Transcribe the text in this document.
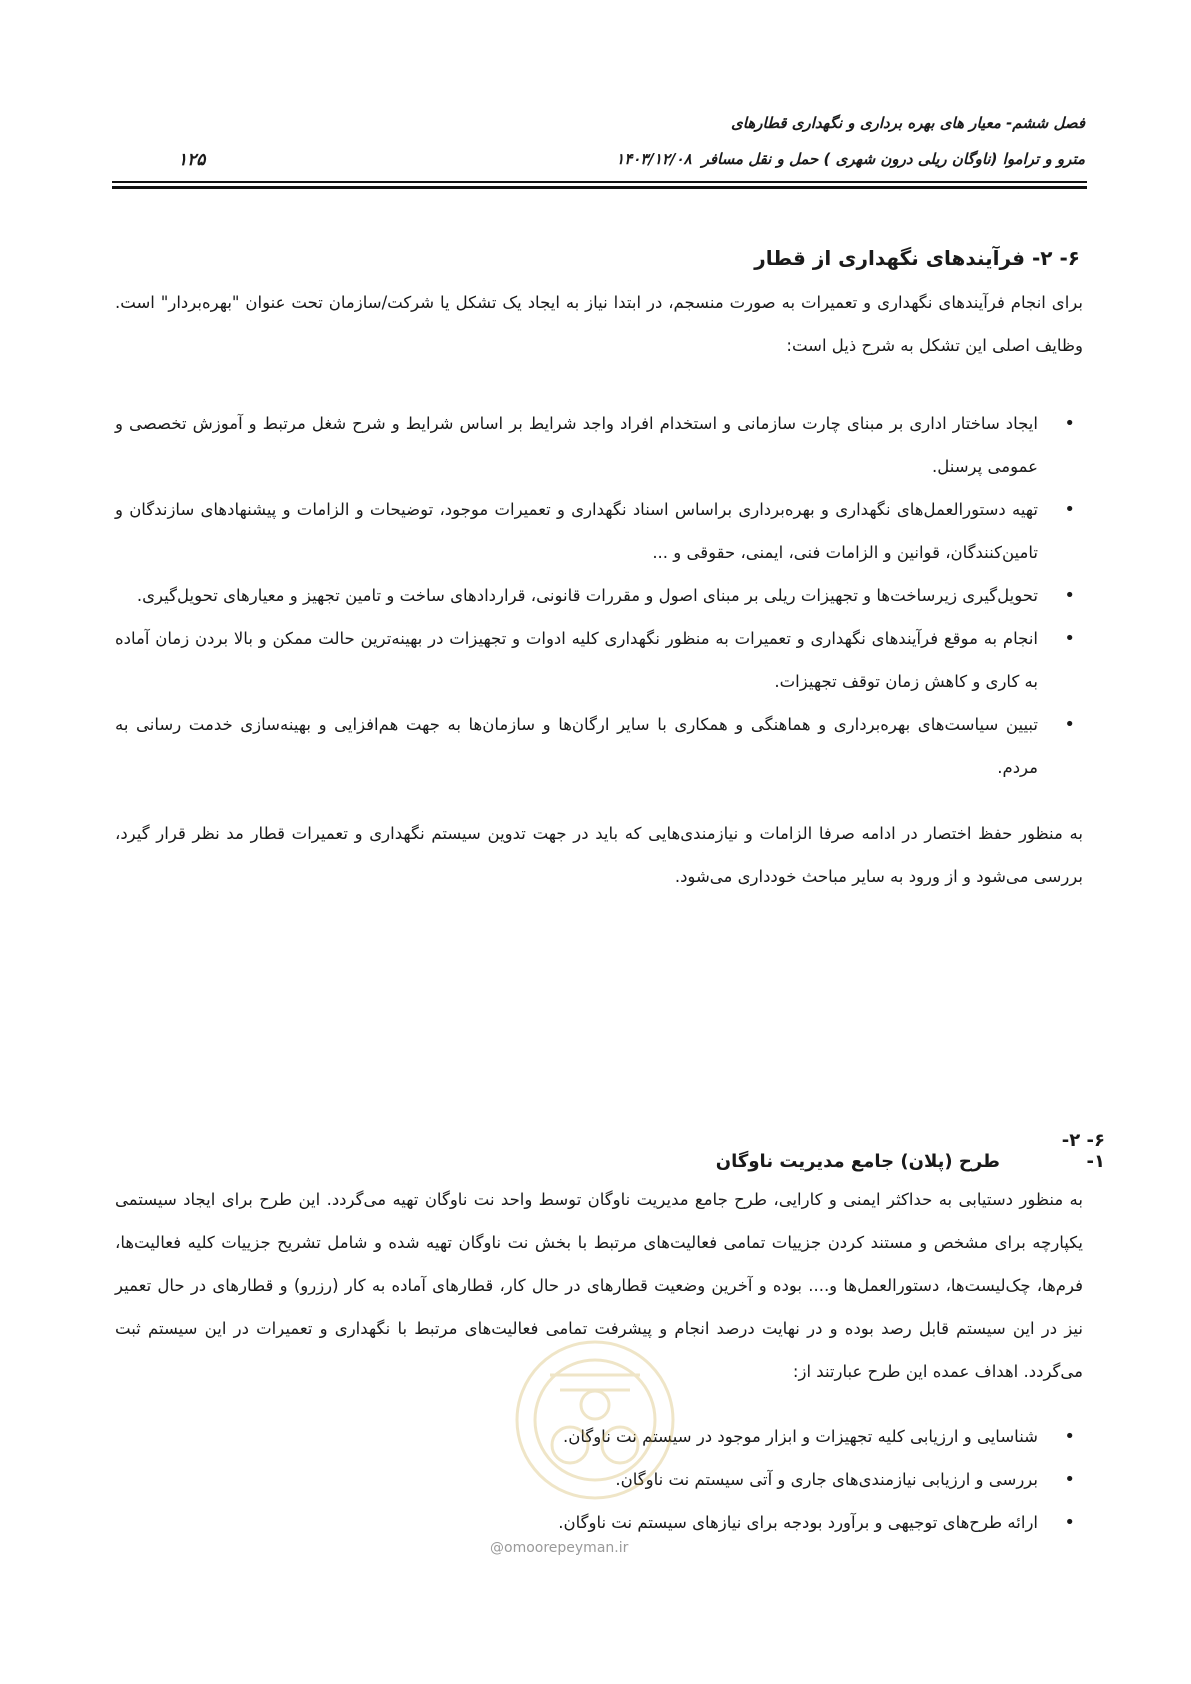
فصل ششم- معیار های بهره برداری و نگهداری قطارهای
مترو و تراموا (ناوگان ریلی درون شهری ) حمل و نقل مسافر۱۴۰۳/۱۲/۰۸
۱۲۵
۶- ۲- فرآیندهای نگهداری از قطار
برای انجام فرآیندهای نگهداری و تعمیرات به صورت منسجم، در ابتدا نیاز به ایجاد یک تشکل یا شرکت/سازمان تحت عنوان "بهره‌بردار" است. وظایف اصلی این تشکل به شرح ذیل است:
• ایجاد ساختار اداری بر مبنای چارت سازمانی و استخدام افراد واجد شرایط بر اساس شرایط و شرح شغل مرتبط و آموزش تخصصی و عمومی پرسنل.
• تهیه دستورالعمل‌های نگهداری و بهره‌برداری براساس اسناد نگهداری و تعمیرات موجود، توضیحات و الزامات و پیشنهادهای سازندگان و تامین‌کنندگان، قوانین و الزامات فنی، ایمنی، حقوقی و ...
• تحویل‌گیری زیرساخت‌ها و تجهیزات ریلی بر مبنای اصول و مقررات قانونی، قراردادهای ساخت و تامین تجهیز و معیارهای تحویل‌گیری.
• انجام به موقع فرآیندهای نگهداری و تعمیرات به منظور نگهداری کلیه ادوات و تجهیزات در بهینه‌ترین حالت ممکن و بالا بردن زمان آماده به کاری و کاهش زمان توقف تجهیزات.
• تبیین سیاست‌های بهره‌برداری و هماهنگی و همکاری با سایر ارگان‌ها و سازمان‌ها به جهت هم‌افزایی و بهینه‌سازی خدمت رسانی به مردم.
به منظور حفظ اختصار در ادامه صرفا الزامات و نیازمندی‌هایی که باید در جهت تدوین سیستم نگهداری و تعمیرات قطار مد نظر قرار گیرد، بررسی می‌شود و از ورود به سایر مباحث خودداری می‌شود.
۶- ۲- ۱-طرح (پلان) جامع مدیریت ناوگان
به منظور دستیابی به حداکثر ایمنی و کارایی، طرح جامع مدیریت ناوگان توسط واحد نت ناوگان تهیه می‌گردد. این طرح برای ایجاد سیستمی یکپارچه برای مشخص و مستند کردن جزییات تمامی فعالیت‌های مرتبط با بخش نت ناوگان تهیه شده و شامل تشریح جزییات کلیه فعالیت‌ها، فرم‌ها، چک‌لیست‌ها، دستورالعمل‌ها و.... بوده و آخرین وضعیت قطارهای در حال کار، قطارهای آماده به کار (رزرو) و قطارهای در حال تعمیر نیز در این سیستم قابل رصد بوده و در نهایت درصد انجام و پیشرفت تمامی فعالیت‌های مرتبط با نگهداری و تعمیرات در این سیستم ثبت می‌گردد. اهداف عمده این طرح عبارتند از:
• شناسایی و ارزیابی کلیه تجهیزات و ابزار موجود در سیستم نت ناوگان.
• بررسی و ارزیابی نیازمندی‌های جاری و آتی سیستم نت ناوگان.
• ارائه طرح‌های توجیهی و برآورد بودجه برای نیازهای سیستم نت ناوگان.
@omoorepeyman.ir
